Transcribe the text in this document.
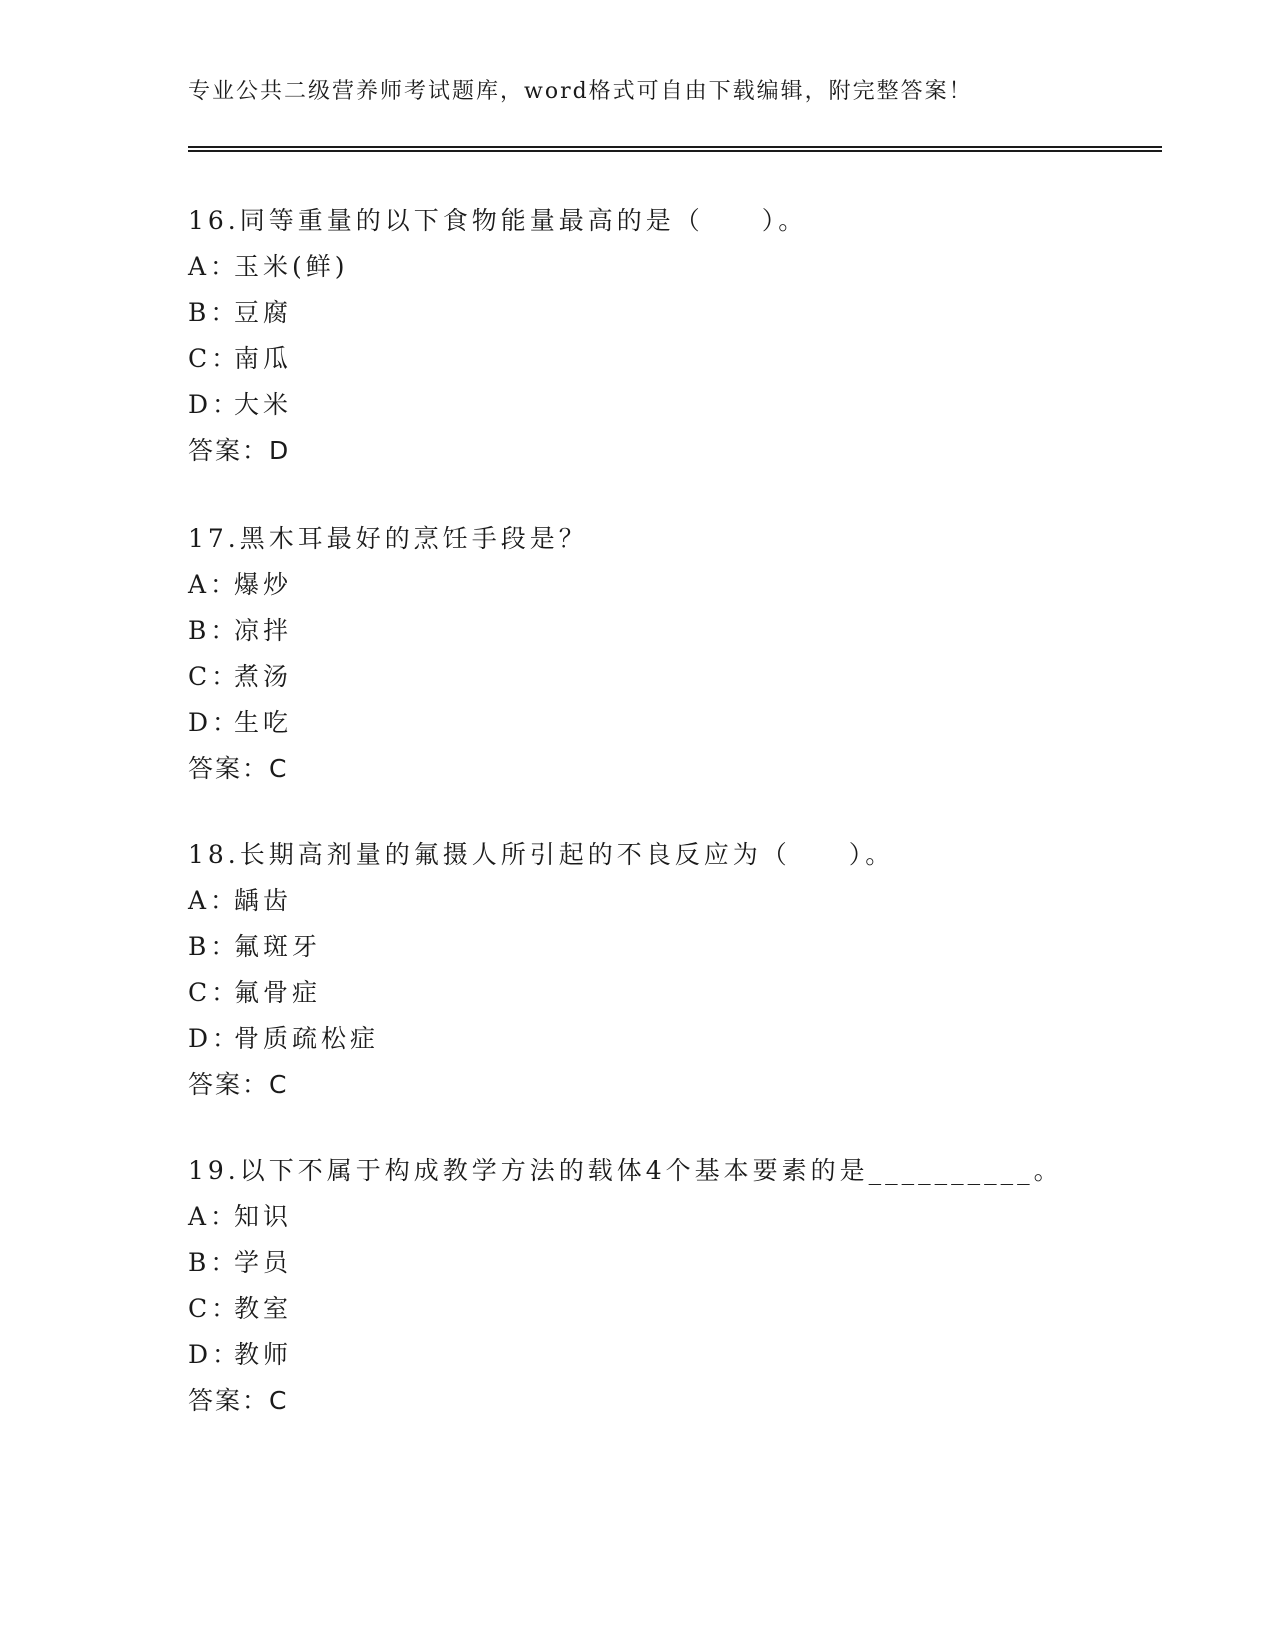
专业公共二级营养师考试题库，word格式可自由下载编辑，附完整答案！
16.同等重量的以下食物能量最高的是（　　）。
A：玉米(鲜)
B：豆腐
C：南瓜
D：大米
答案：D
17.黑木耳最好的烹饪手段是？
A：爆炒
B：凉拌
C：煮汤
D：生吃
答案：C
18.长期高剂量的氟摄人所引起的不良反应为（　　）。
A：龋齿
B：氟斑牙
C：氟骨症
D：骨质疏松症
答案：C
19.以下不属于构成教学方法的载体4个基本要素的是__________。
A：知识
B：学员
C：教室
D：教师
答案：C
